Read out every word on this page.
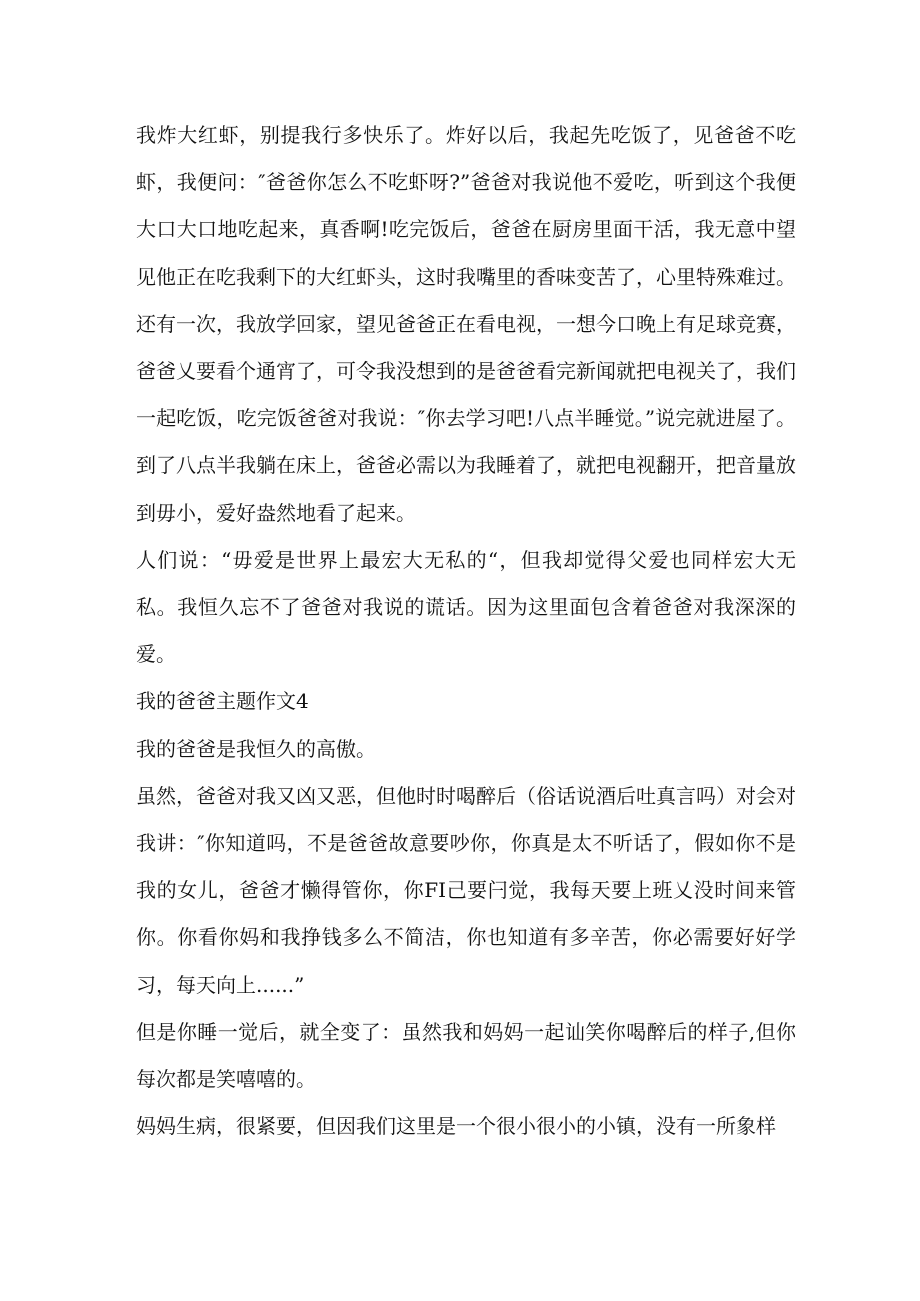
我炸大红虾，别提我行多快乐了。炸好以后，我起先吃饭了，见爸爸不吃虾，我便问：″爸爸你怎么不吃虾呀?”爸爸对我说他不爱吃，听到这个我便大口大口地吃起来，真香啊!吃完饭后，爸爸在厨房里面干活，我无意中望见他正在吃我剩下的大红虾头，这时我嘴里的香味变苦了，心里特殊难过。还有一次，我放学回家，望见爸爸正在看电视，一想今口晚上有足球竞赛，爸爸乂要看个通宵了，可令我没想到的是爸爸看完新闻就把电视关了，我们一起吃饭，吃完饭爸爸对我说：″你去学习吧!八点半睡觉。”说完就进屋了。到了八点半我躺在床上，爸爸必需以为我睡着了，就把电视翻开，把音量放到毋小，爱好盎然地看了起来。

人们说：“毋爱是世界上最宏大无私的“，但我却觉得父爱也同样宏大无私。我恒久忘不了爸爸对我说的谎话。因为这里面包含着爸爸对我深深的爱。

我的爸爸主题作文4

我的爸爸是我恒久的高傲。

虽然，爸爸对我又凶又恶，但他时时喝醉后（俗话说酒后吐真言吗）对会对我讲：″你知道吗，不是爸爸故意要吵你，你真是太不听话了，假如你不是我的女儿，爸爸才懒得管你，你FI己要闩觉，我每天要上班乂没时间来管你。你看你妈和我挣钱多么不简洁，你也知道有多辛苦，你必需要好好学习，每天向上......”

但是你睡一觉后，就全变了：虽然我和妈妈一起讪笑你喝醉后的样子,但你每次都是笑嘻嘻的。

妈妈生病，很紧要，但因我们这里是一个很小很小的小镇，没有一所象样
